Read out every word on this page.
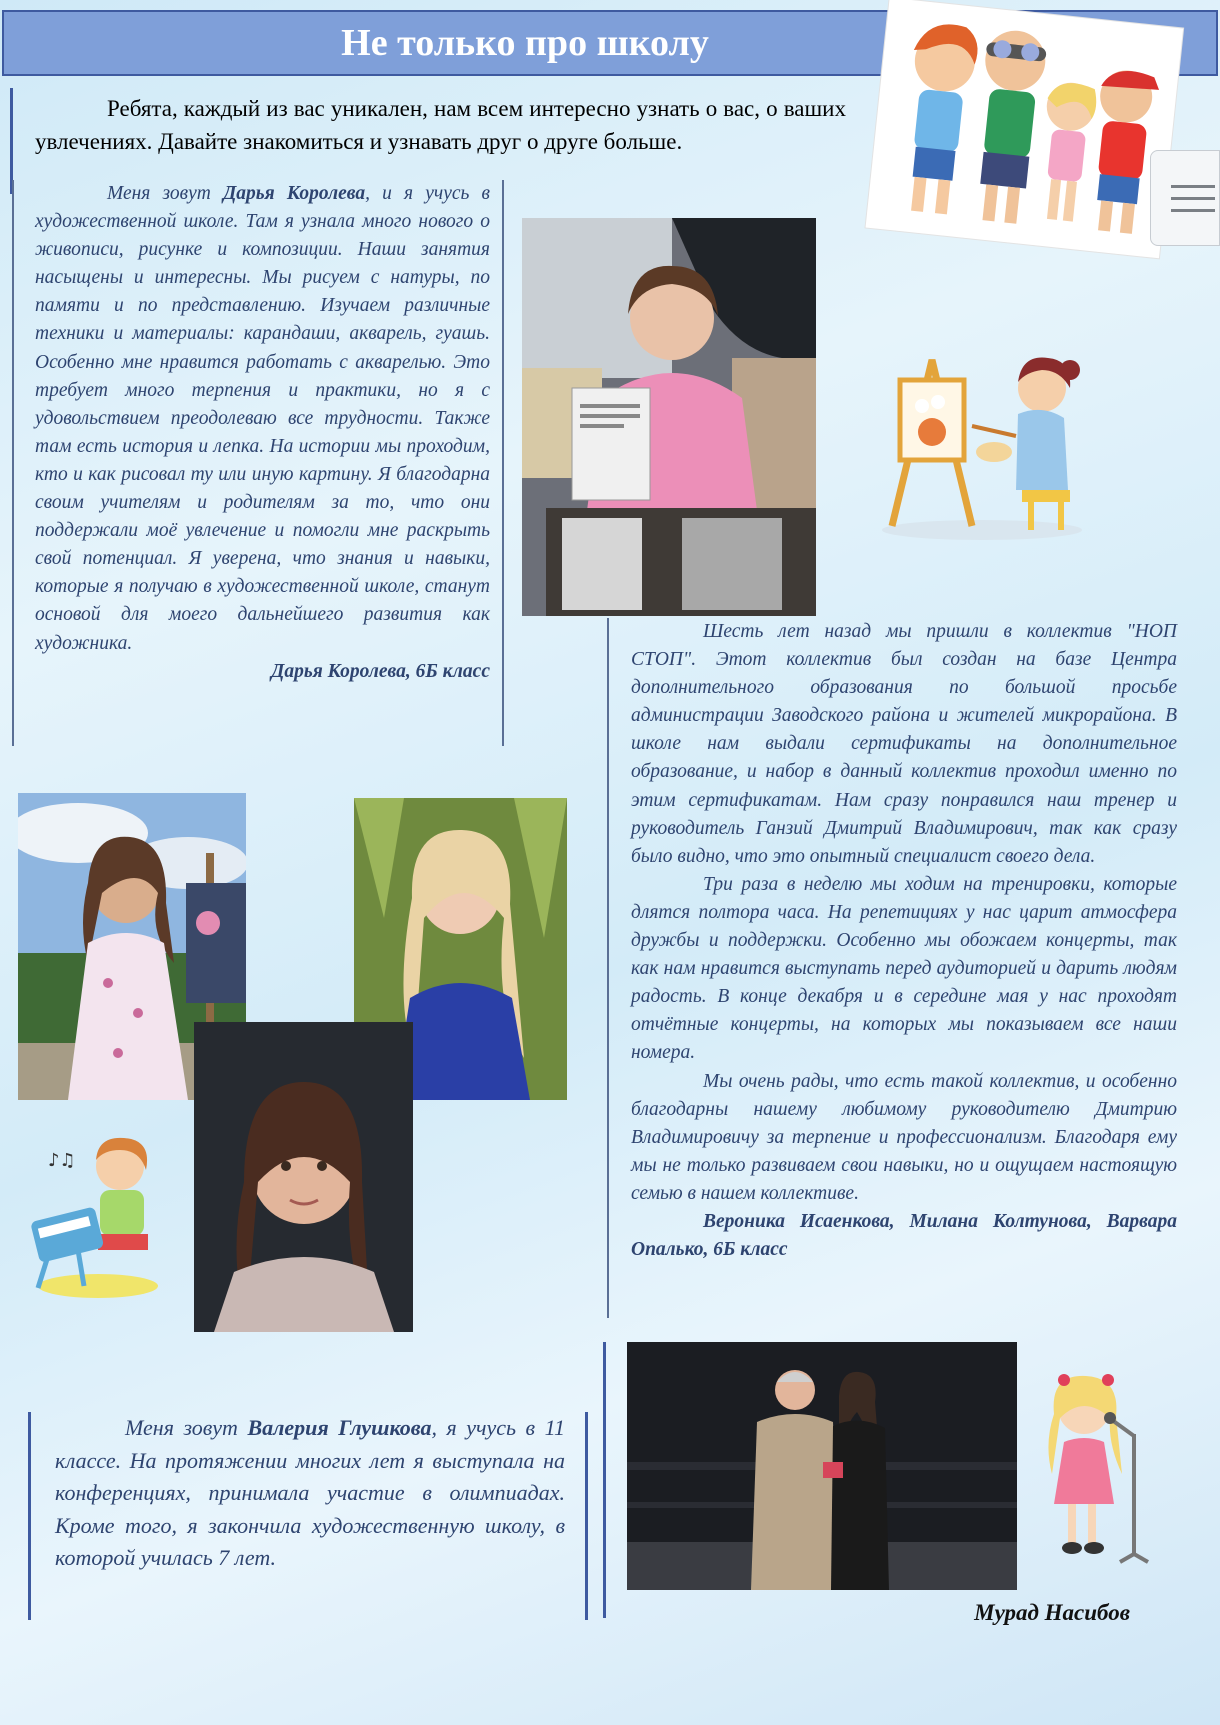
Не только про школу

Ребята, каждый из вас уникален, нам всем интересно узнать о вас, о ваших увлечениях. Давайте знакомиться и узнавать друг о друге больше.

Меня зовут Дарья Королева, и я учусь в художественной школе. Там я узнала много нового о живописи, рисунке и композиции. Наши занятия насыщены и интересны. Мы рисуем с натуры, по памяти и по представлению. Изучаем различные техники и материалы: карандаши, акварель, гуашь. Особенно мне нравится работать с акварелью. Это требует много терпения и практики, но я с удовольствием преодолеваю все трудности. Также там есть история и лепка. На истории мы проходим, кто и как рисовал ту или иную картину. Я благодарна своим учителям и родителям за то, что они поддержали моё увлечение и помогли мне раскрыть свой потенциал. Я уверена, что знания и навыки, которые я получаю в художественной школе, станут основой для моего дальнейшего развития как художника.

Дарья Королева, 6Б класс

Шесть лет назад мы пришли в коллектив "НОП СТОП". Этот коллектив был создан на базе Центра дополнительного образования по большой просьбе администрации Заводского района и жителей микрорайона. В школе нам выдали сертификаты на дополнительное образование, и набор в данный коллектив проходил именно по этим сертификатам. Нам сразу понравился наш тренер и руководитель Ганзий Дмитрий Владимирович, так как сразу было видно, что это опытный специалист своего дела.

Три раза в неделю мы ходим на тренировки, которые длятся полтора часа. На репетициях у нас царит атмосфера дружбы и поддержки. Особенно мы обожаем концерты, так как нам нравится выступать перед аудиторией и дарить людям радость. В конце декабря и в середине мая у нас проходят отчётные концерты, на которых мы показываем все наши номера.

Мы очень рады, что есть такой коллектив, и особенно благодарны нашему любимому руководителю Дмитрию Владимировичу за терпение и профессионализм. Благодаря ему мы не только развиваем свои навыки, но и ощущаем настоящую семью в нашем коллективе.

Вероника Исаенкова, Милана Колтунова, Варвара Опалько, 6Б класс

♪♫

Меня зовут Валерия Глушкова, я учусь в 11 классе. На протяжении многих лет я выступала на конференциях, принимала участие в олимпиадах. Кроме того, я закончила художественную школу, в которой училась 7 лет.

Мурад Насибов
